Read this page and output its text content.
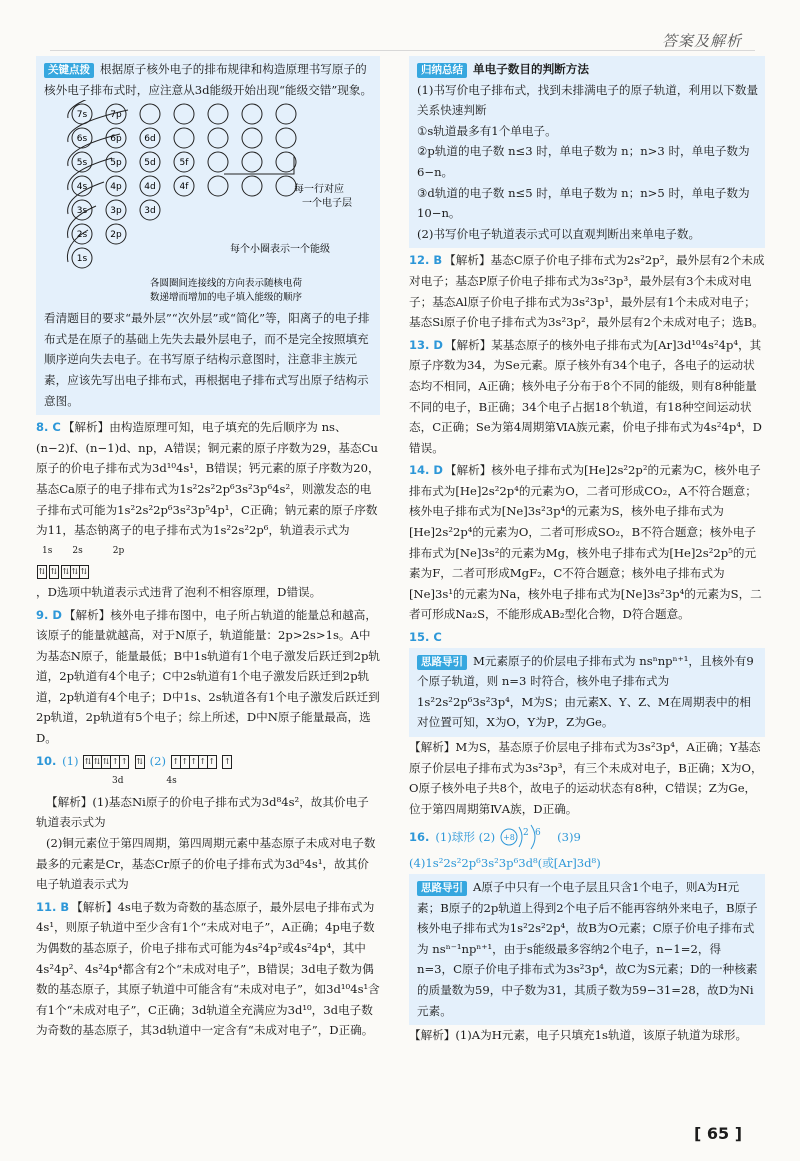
答案及解析

关键点拨 根据原子核外电子的排布规律和构造原理书写原子的核外电子排布式时，应注意从3d能级开始出现“能级交错”现象。

7s	7p
6s	6p	6d
5s	5p	5d	5f
4s	4p	4d	4f
3s	3p	3d
2s	2p
1s
每一行对应
一个电子层
每个小圈表示一个能级
各圆圈间连接线的方向表示随核电荷
数递增而增加的电子填入能级的顺序

看清题目的要求“最外层”“次外层”或“简化”等，阳离子的电子排布式是在原子的基础上先失去最外层电子，而不是完全按照填充顺序逆向失去电子。在书写原子结构示意图时，注意非主族元素，应该先写出电子排布式，再根据电子排布式写出原子结构示意图。

8. C 【解析】由构造原理可知，电子填充的先后顺序为 ns、(n−2)f、(n−1)d、np，A错误；铜元素的原子序数为29，基态Cu原子的价电子排布式为3d¹⁰4s¹，B错误；钙元素的原子序数为20，基态Ca原子的电子排布式为1s²2s²2p⁶3s²3p⁶4s²，则激发态的电子排布式可能为1s²2s²2p⁶3s²3p⁵4p¹，C正确；钠元素的原子序数为11，基态钠离子的电子排布式为1s²2s²2p⁶，轨道表示式为

1s 2s	2p
⇅ ⇅ ⇅ ⇅ ⇅

，D选项中轨道表示式违背了泡利不相容原理，D错误。

9. D 【解析】核外电子排布图中，电子所占轨道的能量总和越高，该原子的能量就越高，对于N原子，轨道能量：2p>2s>1s。A中为基态N原子，能量最低；B中1s轨道有1个电子激发后跃迁到2p轨道，2p轨道有4个电子；C中2s轨道有1个电子激发后跃迁到2p轨道，2p轨道有4个电子；D中1s、2s轨道各有1个电子激发后跃迁到2p轨道，2p轨道有5个电子；综上所述，D中N原子能量最高，选D。

10. (1) ⇅ ⇅ ⇅ ↑ ↑
⇅ (2) ↑ ↑ ↑ ↑ ↑
↑

3d	4s

【解析】(1)基态Ni原子的价电子排布式为3d⁸4s²，故其价电子轨道表示式为

(2)铜元素位于第四周期，第四周期元素中基态原子未成对电子数最多的元素是Cr，基态Cr原子的价电子排布式为3d⁵4s¹，故其价电子轨道表示式为

11. B 【解析】4s电子数为奇数的基态原子，最外层电子排布式为4s¹，则原子轨道中至少含有1个“未成对电子”，A正确；4p电子数为偶数的基态原子，价电子排布式可能为4s²4p²或4s²4p⁴，其中4s²4p²、4s²4p⁴都含有2个“未成对电子”，B错误；3d电子数为偶数的基态原子，其原子轨道中可能含有“未成对电子”，如3d¹⁰4s¹含有1个“未成对电子”，C正确；3d轨道全充满应为3d¹⁰，3d电子数为奇数的基态原子，其3d轨道中一定含有“未成对电子”，D正确。

归纳总结 单电子数目的判断方法

(1)书写价电子排布式，找到未排满电子的原子轨道，利用以下数量关系快速判断

①s轨道最多有1个单电子。

②p轨道的电子数 n≤3 时，单电子数为 n；n>3 时，单电子数为 6−n。

③d轨道的电子数 n≤5 时，单电子数为 n；n>5 时，单电子数为 10−n。

(2)书写价电子轨道表示式可以直观判断出来单电子数。

12. B 【解析】基态C原子价电子排布式为2s²2p²，最外层有2个未成对电子；基态P原子价电子排布式为3s²3p³，最外层有3个未成对电子；基态Al原子价电子排布式为3s²3p¹，最外层有1个未成对电子；基态Si原子价电子排布式为3s²3p²，最外层有2个未成对电子；选B。

13. D 【解析】某基态原子的核外电子排布式为[Ar]3d¹⁰4s²4p⁴，其原子序数为34，为Se元素。原子核外有34个电子，各电子的运动状态均不相同，A正确；核外电子分布于8个不同的能级，则有8种能量不同的电子，B正确；34个电子占据18个轨道，有18种空间运动状态，C正确；Se为第4周期第ⅥA族元素，价电子排布式为4s²4p⁴，D错误。

14. D 【解析】核外电子排布式为[He]2s²2p²的元素为C，核外电子排布式为[He]2s²2p⁴的元素为O，二者可形成CO₂，A不符合题意；核外电子排布式为[Ne]3s²3p⁴的元素为S，核外电子排布式为[He]2s²2p⁴的元素为O，二者可形成SO₂，B不符合题意；核外电子排布式为[Ne]3s²的元素为Mg，核外电子排布式为[He]2s²2p⁵的元素为F，二者可形成MgF₂，C不符合题意；核外电子排布式为[Ne]3s¹的元素为Na，核外电子排布式为[Ne]3s²3p⁴的元素为S，二者可形成Na₂S，不能形成AB₂型化合物，D符合题意。

15. C

思路导引 M元素原子的价层电子排布式为 nsⁿnpⁿ⁺¹，且核外有9个原子轨道，则 n=3 时符合，核外电子排布式为1s²2s²2p⁶3s²3p⁴，M为S；由元素X、Y、Z、M在周期表中的相对位置可知，X为O，Y为P，Z为Ge。

【解析】M为S，基态原子价层电子排布式为3s²3p⁴，A正确；Y基态原子价层电子排布式为3s²3p³，有三个未成对电子，B正确；X为O，O原子核外电子共8个，故电子的运动状态有8种，C错误；Z为Ge，位于第四周期第ⅣA族，D正确。

16. (1)球形 (2) +8 2 6 (3)9

(4)1s²2s²2p⁶3s²3p⁶3d⁸(或[Ar]3d⁸)

思路导引 A原子中只有一个电子层且只含1个电子，则A为H元素；B原子的2p轨道上得到2个电子后不能再容纳外来电子，B原子核外电子排布式为1s²2s²2p⁴，故B为O元素；C原子价电子排布式为 nsⁿ⁻¹npⁿ⁺¹，由于s能级最多容纳2个电子，n−1=2，得 n=3，C原子价电子排布式为3s²3p⁴，故C为S元素；D的一种核素的质量数为59，中子数为31，其质子数为59−31=28，故D为Ni元素。

【解析】(1)A为H元素，电子只填充1s轨道，该原子轨道为球形。

[ 65 ]
